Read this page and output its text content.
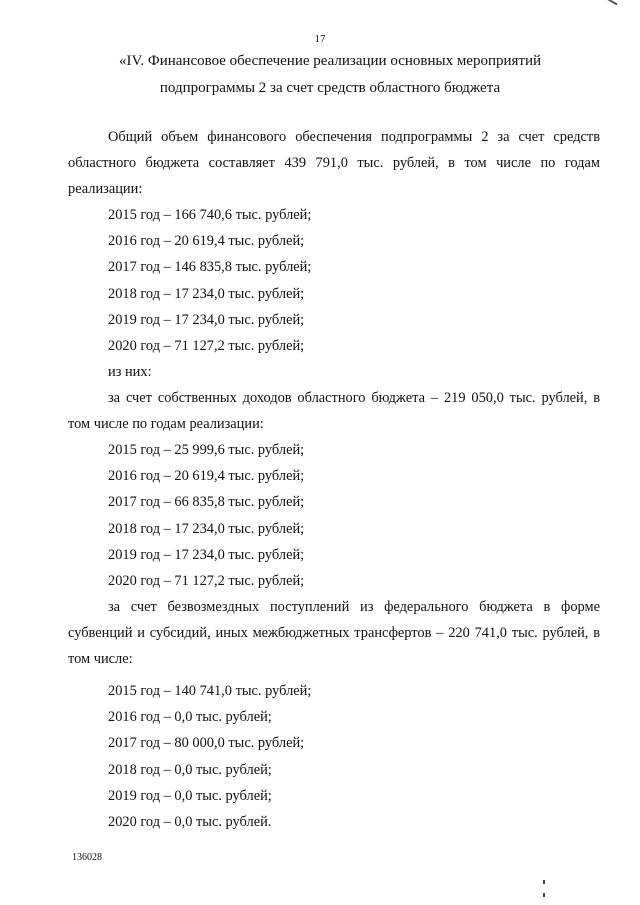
17
«IV. Финансовое обеспечение реализации основных мероприятий
подпрограммы 2 за счет средств областного бюджета

Общий объем финансового обеспечения подпрограммы 2 за счет средств областного бюджета составляет 439 791,0 тыс. рублей, в том числе по годам реализации:

2015 год – 166 740,6 тыс. рублей;
2016 год – 20 619,4 тыс. рублей;
2017 год – 146 835,8 тыс. рублей;
2018 год – 17 234,0 тыс. рублей;
2019 год – 17 234,0 тыс. рублей;
2020 год – 71 127,2 тыс. рублей;

из них:

за счет собственных доходов областного бюджета – 219 050,0 тыс. рублей, в том числе по годам реализации:

2015 год – 25 999,6 тыс. рублей;
2016 год – 20 619,4 тыс. рублей;
2017 год – 66 835,8 тыс. рублей;
2018 год – 17 234,0 тыс. рублей;
2019 год – 17 234,0 тыс. рублей;
2020 год – 71 127,2 тыс. рублей;

за счет безвозмездных поступлений из федерального бюджета в форме субвенций и субсидий, иных межбюджетных трансфертов – 220 741,0 тыс. рублей, в том числе:

2015 год – 140 741,0 тыс. рублей;
2016 год – 0,0 тыс. рублей;
2017 год – 80 000,0 тыс. рублей;
2018 год – 0,0 тыс. рублей;
2019 год – 0,0 тыс. рублей;
2020 год – 0,0 тыс. рублей.
136028
